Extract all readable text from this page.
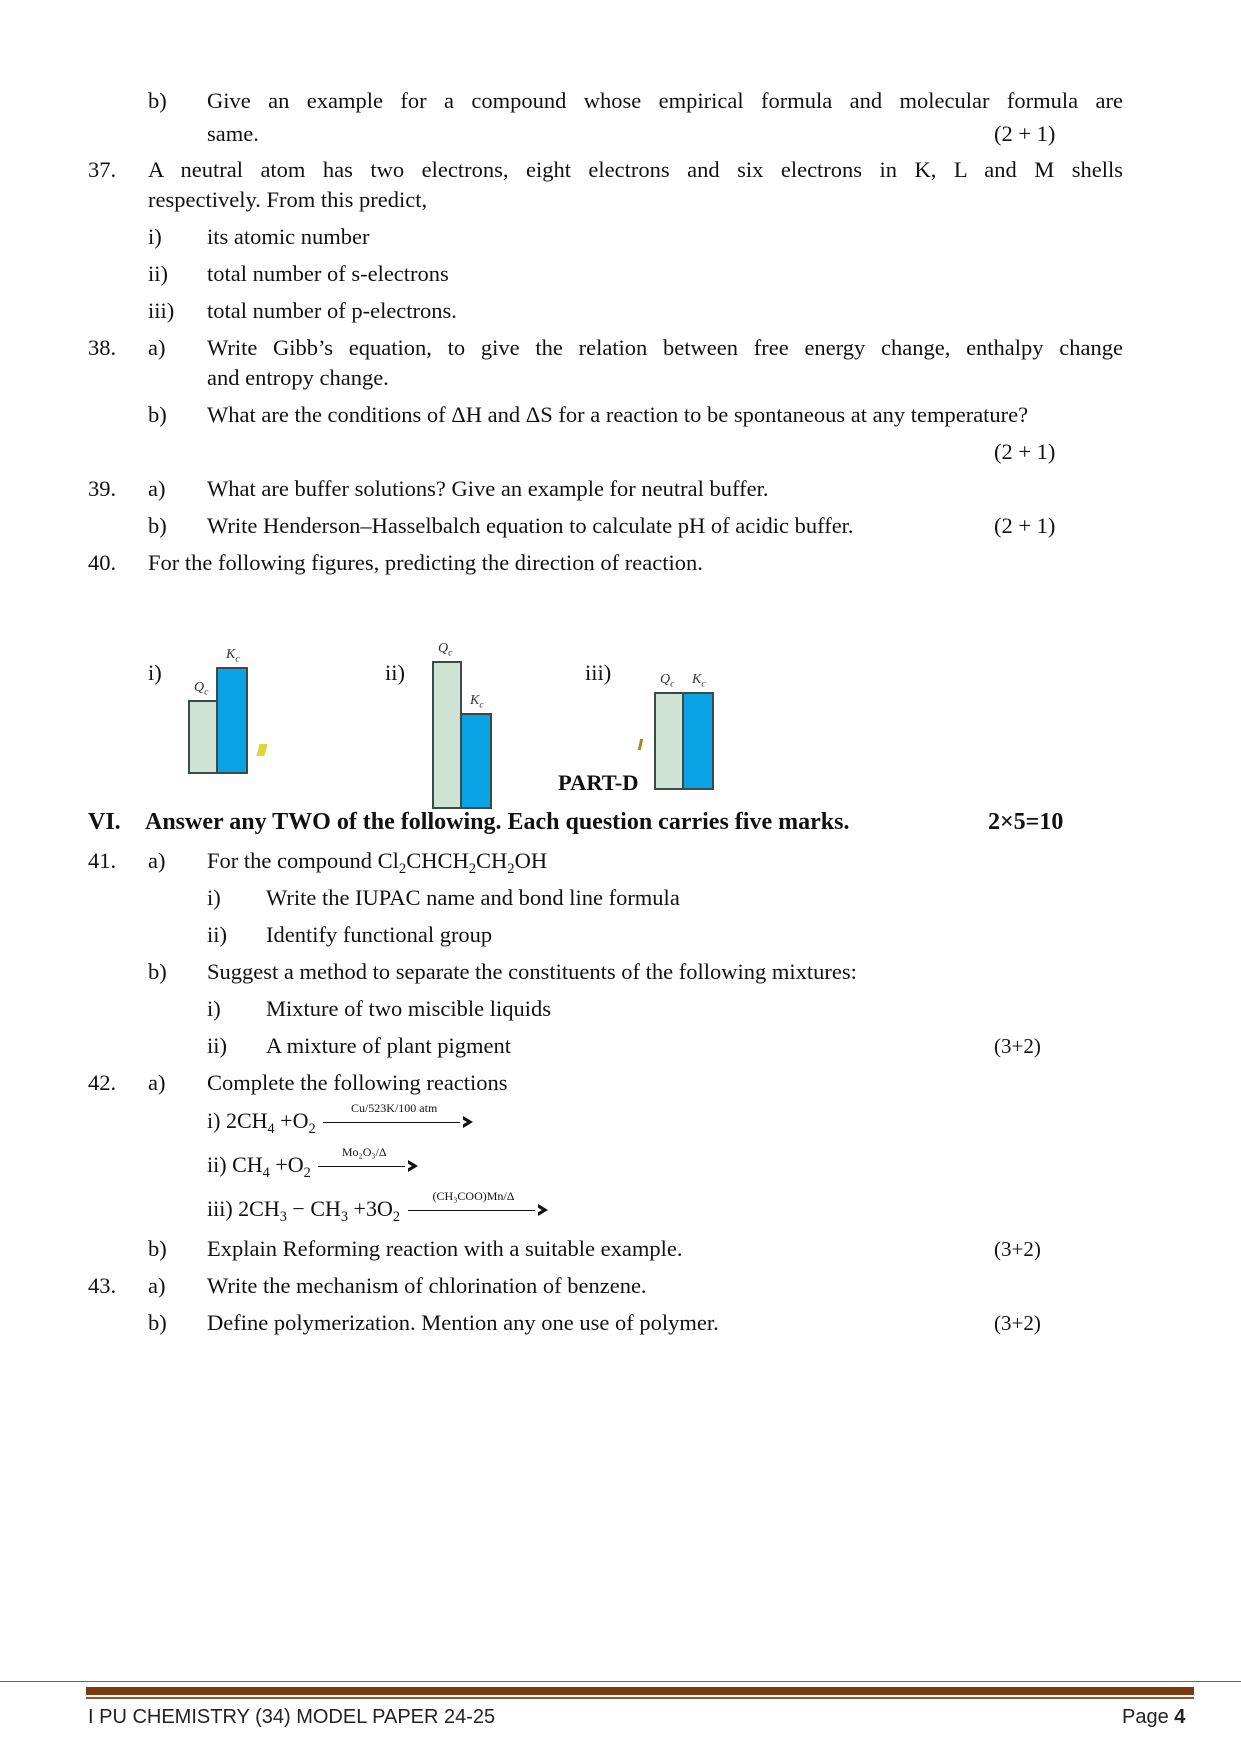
b) Give an example for a compound whose empirical formula and molecular formula are
same.	(2 + 1)
37. A neutral atom has two electrons, eight electrons and six electrons in K, L and M shells
respectively. From this predict,
i) its atomic number
ii) total number of s-electrons
iii) total number of p-electrons.
38. a) Write Gibb’s equation, to give the relation between free energy change, enthalpy change
and entropy change.
b) What are the conditions of ΔH and ΔS for a reaction to be spontaneous at any temperature?
(2 + 1)
39. a) What are buffer solutions? Give an example for neutral buffer.
b) Write Henderson–Hasselbalch equation to calculate pH of acidic buffer.	(2 + 1)
40. For the following figures, predicting the direction of reaction.
i)	ii)	iii)
$Q_c$
$K_c$
$Q_c$
$K_c$
$Q_c$ $K_c$
PART-D
VI. Answer any TWO of the following. Each question carries five marks.	2×5=10
41. a) For the compound $Cl_2CHCH_2CH_2OH$
i) Write the IUPAC name and bond line formula
ii) Identify functional group
b) Suggest a method to separate the constituents of the following mixtures:
i) Mixture of two miscible liquids
ii) A mixture of plant pigment	(3+2)
42. a) Complete the following reactions
i) $2CH_4 +O_2$
Cu/523K/100 atm
ii) $CH_4 +O_2$
Mo₂O₃/Δ
iii) $2CH_3 - CH_3 +3O_2$
(CH₃COO)Mn/Δ
b) Explain Reforming reaction with a suitable example.	(3+2)
43. a) Write the mechanism of chlorination of benzene.
b) Define polymerization. Mention any one use of polymer.	(3+2)
I PU CHEMISTRY (34) MODEL PAPER 24-25	Page 4
